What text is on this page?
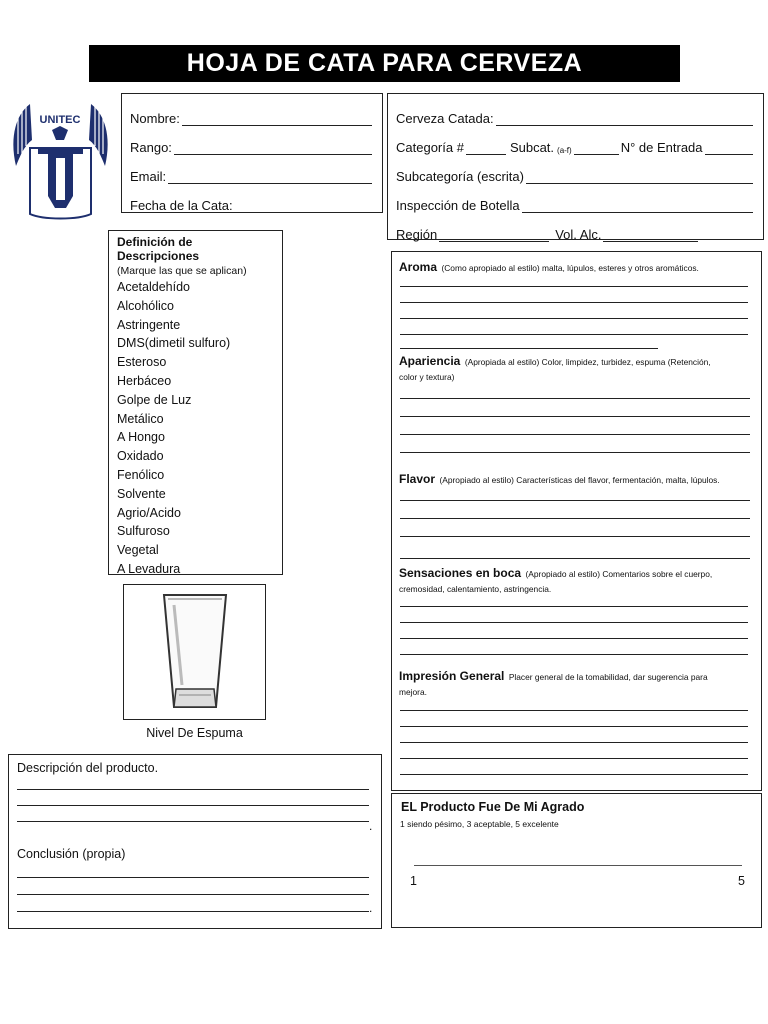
HOJA DE CATA PARA CERVEZA
UNITEC	Nombre:
Rango:
Email:
Fecha de la Cata:
Cerveza Catada:
Categoría #	Subcat. (a-f)	N° de Entrada
Subcategoría (escrita)
Inspección de Botella
Región	Vol. Alc.
Definición de Descripciones
(Marque las que se aplican)
Acetaldehído
Alcohólico
Astringente
DMS(dimetil sulfuro)
Esteroso
Herbáceo
Golpe de Luz
Metálico
A Hongo
Oxidado
Fenólico
Solvente
Agrio/Acido
Sulfuroso
Vegetal
A Levadura
Nivel De Espuma
Descripción del producto.
.
Conclusión (propia)
.
Aroma (Como apropiado al estilo) malta, lúpulos, esteres y otros aromáticos.
Apariencia (Apropiada al estilo) Color, limpidez, turbidez, espuma (Retención,
color y textura)
Flavor (Apropiado al estilo) Características del flavor, fermentación, malta, lúpulos.
Sensaciones en boca (Apropiado al estilo) Comentarios sobre el cuerpo,
cremosidad, calentamiento, astringencia.
Impresión General Placer general de la tomabilidad, dar sugerencia para
mejora.
EL Producto Fue De Mi Agrado
1 siendo pésimo, 3 aceptable, 5 excelente
1	5
